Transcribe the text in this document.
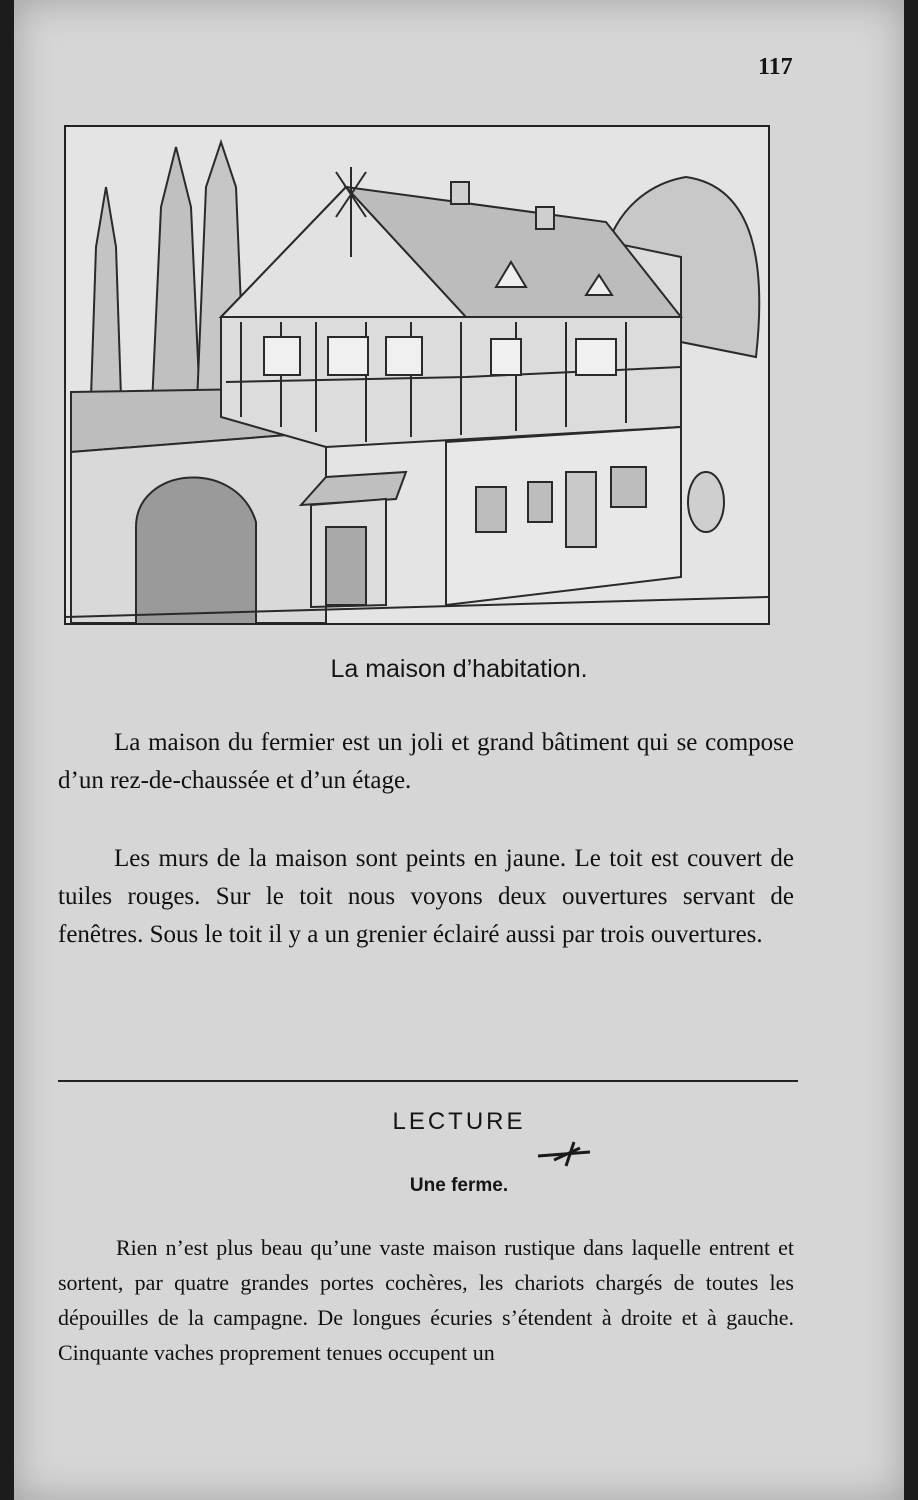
117
La maison d’habitation.
La maison du fermier est un joli et grand bâtiment qui se compose d’un rez-de-chaussée et d’un étage.
Les murs de la maison sont peints en jaune. Le toit est couvert de tuiles rouges. Sur le toit nous voyons deux ouvertures servant de fenêtres. Sous le toit il y a un grenier éclairé aussi par trois ouvertures.
LECTURE
Une ferme.
Rien n’est plus beau qu’une vaste maison rustique dans laquelle entrent et sortent, par quatre grandes portes cochères, les chariots chargés de toutes les dépouilles de la campagne. De longues écuries s’étendent à droite et à gauche. Cinquante vaches proprement tenues occupent un
